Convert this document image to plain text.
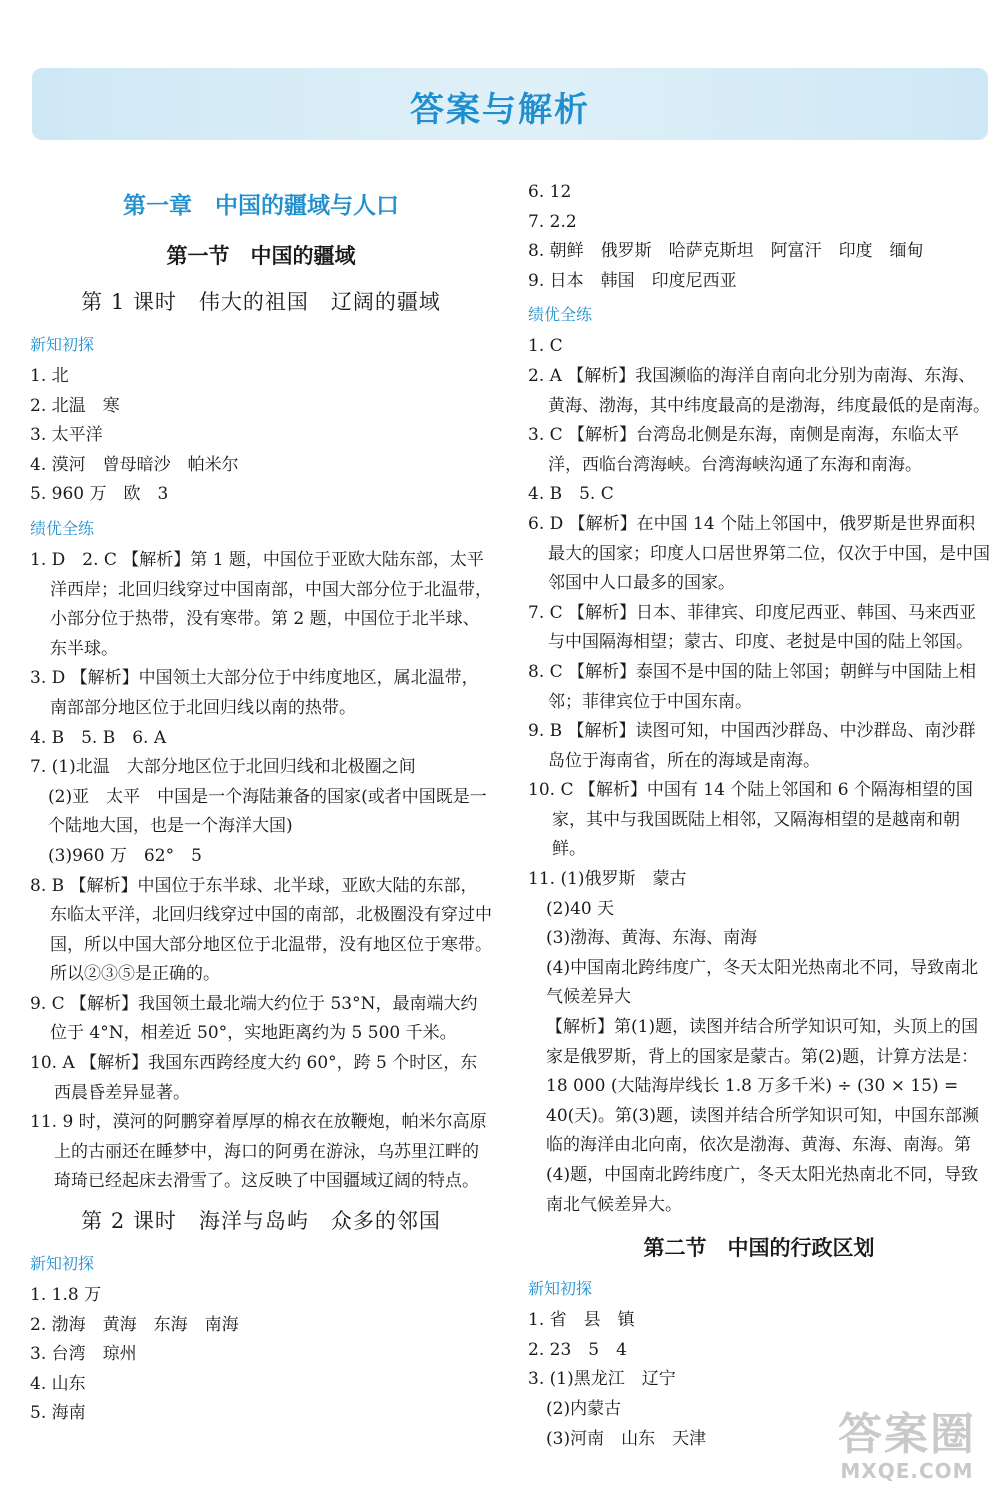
答案与解析
第一章　中国的疆域与人口
第一节　中国的疆域
第 1 课时　伟大的祖国　辽阔的疆域
新知初探
1. 北
2. 北温　寒
3. 太平洋
4. 漠河　曾母暗沙　帕米尔
5. 960 万　欧　3
绩优全练
1. D　2. C 【解析】第 1 题，中国位于亚欧大陆东部，太平洋西岸；北回归线穿过中国南部，中国大部分位于北温带，小部分位于热带，没有寒带。第 2 题，中国位于北半球、东半球。
3. D 【解析】中国领土大部分位于中纬度地区，属北温带，南部部分地区位于北回归线以南的热带。
4. B　5. B　6. A
7. (1)北温　大部分地区位于北回归线和北极圈之间
(2)亚　太平　中国是一个海陆兼备的国家(或者中国既是一个陆地大国，也是一个海洋大国)
(3)960 万　62°　5
8. B 【解析】中国位于东半球、北半球，亚欧大陆的东部，东临太平洋，北回归线穿过中国的南部，北极圈没有穿过中国，所以中国大部分地区位于北温带，没有地区位于寒带。所以②③⑤是正确的。
9. C 【解析】我国领土最北端大约位于 53°N，最南端大约位于 4°N，相差近 50°，实地距离约为 5 500 千米。
10. A 【解析】我国东西跨经度大约 60°，跨 5 个时区，东西晨昏差异显著。
11. 9 时，漠河的阿鹏穿着厚厚的棉衣在放鞭炮，帕米尔高原上的古丽还在睡梦中，海口的阿勇在游泳，乌苏里江畔的琦琦已经起床去滑雪了。这反映了中国疆域辽阔的特点。
第 2 课时　海洋与岛屿　众多的邻国
新知初探
1. 1.8 万
2. 渤海　黄海　东海　南海
3. 台湾　琼州
4. 山东
5. 海南
6. 12
7. 2.2
8. 朝鲜　俄罗斯　哈萨克斯坦　阿富汗　印度　缅甸
9. 日本　韩国　印度尼西亚
绩优全练
1. C
2. A 【解析】我国濒临的海洋自南向北分别为南海、东海、黄海、渤海，其中纬度最高的是渤海，纬度最低的是南海。
3. C 【解析】台湾岛北侧是东海，南侧是南海，东临太平洋，西临台湾海峡。台湾海峡沟通了东海和南海。
4. B　5. C
6. D 【解析】在中国 14 个陆上邻国中，俄罗斯是世界面积最大的国家；印度人口居世界第二位，仅次于中国，是中国邻国中人口最多的国家。
7. C 【解析】日本、菲律宾、印度尼西亚、韩国、马来西亚与中国隔海相望；蒙古、印度、老挝是中国的陆上邻国。
8. C 【解析】泰国不是中国的陆上邻国；朝鲜与中国陆上相邻；菲律宾位于中国东南。
9. B 【解析】读图可知，中国西沙群岛、中沙群岛、南沙群岛位于海南省，所在的海域是南海。
10. C 【解析】中国有 14 个陆上邻国和 6 个隔海相望的国家，其中与我国既陆上相邻，又隔海相望的是越南和朝鲜。
11. (1)俄罗斯　蒙古
(2)40 天
(3)渤海、黄海、东海、南海
(4)中国南北跨纬度广，冬天太阳光热南北不同，导致南北气候差异大
【解析】第(1)题，读图并结合所学知识可知，头顶上的国家是俄罗斯，背上的国家是蒙古。第(2)题，计算方法是：18 000 (大陆海岸线长 1.8 万多千米) ÷ (30 × 15) = 40(天)。第(3)题，读图并结合所学知识可知，中国东部濒临的海洋由北向南，依次是渤海、黄海、东海、南海。第(4)题，中国南北跨纬度广，冬天太阳光热南北不同，导致南北气候差异大。
第二节　中国的行政区划
新知初探
1. 省　县　镇
2. 23　5　4
3. (1)黑龙江　辽宁
(2)内蒙古
(3)河南　山东　天津	答案圈
MXQE.COM
